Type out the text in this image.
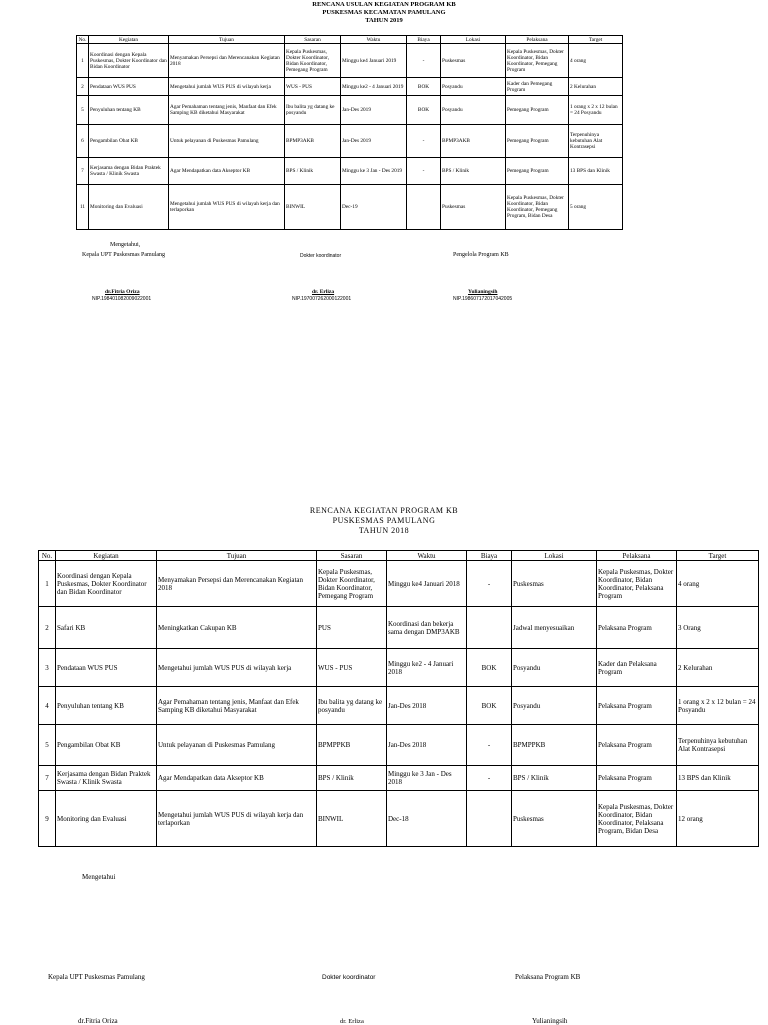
RENCANA USULAN KEGIATAN PROGRAM KB
PUSKESMAS KECAMATAN PAMULANG
TAHUN 2019
No.	Kegiatan	Tujuan	Sasaran	Waktu	Biaya	Lokasi	Pelaksana	Target
1	Koordinasi dengan Kepala Puskesmas, Dokter Koordinator dan Bidan Koordinator	Menyamakan Persepsi dan Merencanakan Kegiatan 2018	Kepala Puskesmas, Dokter Koordinator, Bidan Koordinator, Pemegang Program	Minggu ke4 Januari 2019	-	Puskesmas	Kepala Puskesmas, Dokter Koordinator, Bidan Koordinator, Pemegang Program	4 orang
2	Pendataan WUS PUS	Mengetahui jumlah WUS PUS di wilayah kerja	WUS - PUS	Minggu ke2 - 4 Januari 2019	BOK	Posyandu	Kader dan Pemegang Program	2 Kelurahan
5	Penyuluhan tentang KB	Agar Pemahaman tentang jenis, Manfaat dan Efek Samping KB diketahui Masyarakat	Ibu balita yg datang ke posyandu	Jan-Des 2019	BOK	Posyandu	Pemegang Program	1 orang x 2 x 12 bulan = 24 Posyandu
6	Pengambilan Obat KB	Untuk pelayanan di Puskesmas Pamulang	BPMP3AKB	Jan-Des 2019	-	BPMP3AKB	Pemegang Program	Terpenuhinya kebutuhan Alat Kontrasepsi
7	Kerjasama dengan Bidan Praktek Swasta / Klinik Swasta	Agar Mendapatkan data Akseptor KB	BPS / Klinik	Minggu ke 3 Jan - Des 2019	-	BPS / Klinik	Pemegang Program	13 BPS dan Klinik
11	Monitoring dan Evaluasi	Mengetahui jumlah WUS PUS di wilayah kerja dan terlaporkan	BINWIL	Dec-19		Puskesmas	Kepala Puskesmas, Dokter Koordinator, Bidan Koordinator, Pemegang Program, Bidan Desa	5 orang
Mengetahui,
Kepala UPT Puskesmas Pamulang	Dokter koordinator	Pengelola Program KB
dr.Fitria Oriza
NIP.198401082009022001
dr. Erliza
NIP.197007262000122001
Yulianingsih
NIP.198607172017042005
RENCANA KEGIATAN PROGRAM KB
PUSKESMAS PAMULANG
TAHUN 2018
No.	Kegiatan	Tujuan	Sasaran	Waktu	Biaya	Lokasi	Pelaksana	Target
1	Koordinasi dengan Kepala Puskesmas, Dokter Koordinator dan Bidan Koordinator	Menyamakan Persepsi dan Merencanakan Kegiatan 2018	Kepala Puskesmas, Dokter Koordinator, Bidan Koordinator, Pemegang Program	Minggu ke4 Januari 2018	-	Puskesmas	Kepala Puskesmas, Dokter Koordinator, Bidan Koordinator, Pelaksana Program	4 orang
2	Safari KB	Meningkatkan Cakupan KB	PUS	Koordinasi dan bekerja sama dengan DMP3AKB		Jadwal menyesuaikan	Pelaksana Program	3 Orang
3	Pendataan WUS PUS	Mengetahui jumlah WUS PUS di wilayah kerja	WUS - PUS	Minggu ke2 - 4 Januari 2018	BOK	Posyandu	Kader dan Pelaksana Program	2 Kelurahan
4	Penyuluhan tentang KB	Agar Pemahaman tentang jenis, Manfaat dan Efek Samping KB diketahui Masyarakat	Ibu balita yg datang ke posyandu	Jan-Des 2018	BOK	Posyandu	Pelaksana Program	1 orang x 2 x 12 bulan = 24 Posyandu
5	Pengambilan Obat KB	Untuk pelayanan di Puskesmas Pamulang	BPMPPKB	Jan-Des 2018	-	BPMPPKB	Pelaksana Program	Terpenuhinya kebutuhan Alat Kontrasepsi
7	Kerjasama dengan Bidan Praktek Swasta / Klinik Swasta	Agar Mendapatkan data Akseptor KB	BPS / Klinik	Minggu ke 3 Jan - Des 2018	-	BPS / Klinik	Pelaksana Program	13 BPS dan Klinik
9	Monitoring dan Evaluasi	Mengetahui jumlah WUS PUS di wilayah kerja dan terlaporkan	BINWIL	Dec-18		Puskesmas	Kepala Puskesmas, Dokter Koordinator, Bidan Koordinator, Pelaksana Program, Bidan Desa	12 orang
Mengetahui
Kepala UPT Puskesmas Pamulang	Dokter koordinator	Pelaksana Program KB
dr.Fitria Oriza	dr. Erliza	Yulianingsih
